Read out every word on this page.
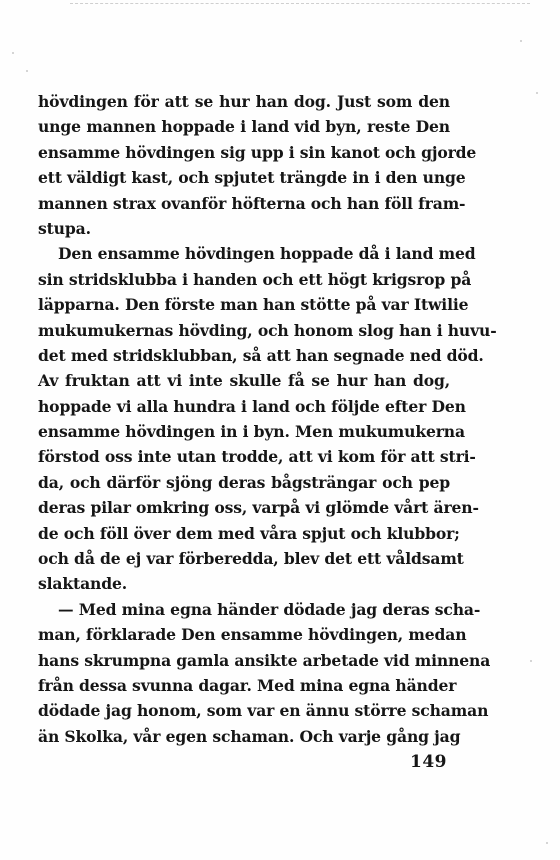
hövdingen för att se hur han dog. Just som den
unge mannen hoppade i land vid byn, reste Den
ensamme hövdingen sig upp i sin kanot och gjorde
ett väldigt kast, och spjutet trängde in i den unge
mannen strax ovanför höfterna och han föll fram-
stupa.
Den ensamme hövdingen hoppade då i land med
sin stridsklubba i handen och ett högt krigsrop på
läpparna. Den förste man han stötte på var Itwilie
mukumukernas hövding, och honom slog han i huvu-
det med stridsklubban, så att han segnade ned död.
Av fruktan att vi inte skulle få se hur han dog,
hoppade vi alla hundra i land och följde efter Den
ensamme hövdingen in i byn. Men mukumukerna
förstod oss inte utan trodde, att vi kom för att stri-
da, och därför sjöng deras bågsträngar och pep
deras pilar omkring oss, varpå vi glömde vårt ären-
de och föll över dem med våra spjut och klubbor;
och då de ej var förberedda, blev det ett våldsamt
slaktande.
— Med mina egna händer dödade jag deras scha-
man, förklarade Den ensamme hövdingen, medan
hans skrumpna gamla ansikte arbetade vid minnena
från dessa svunna dagar. Med mina egna händer
dödade jag honom, som var en ännu större schaman
än Skolka, vår egen schaman. Och varje gång jag
149
